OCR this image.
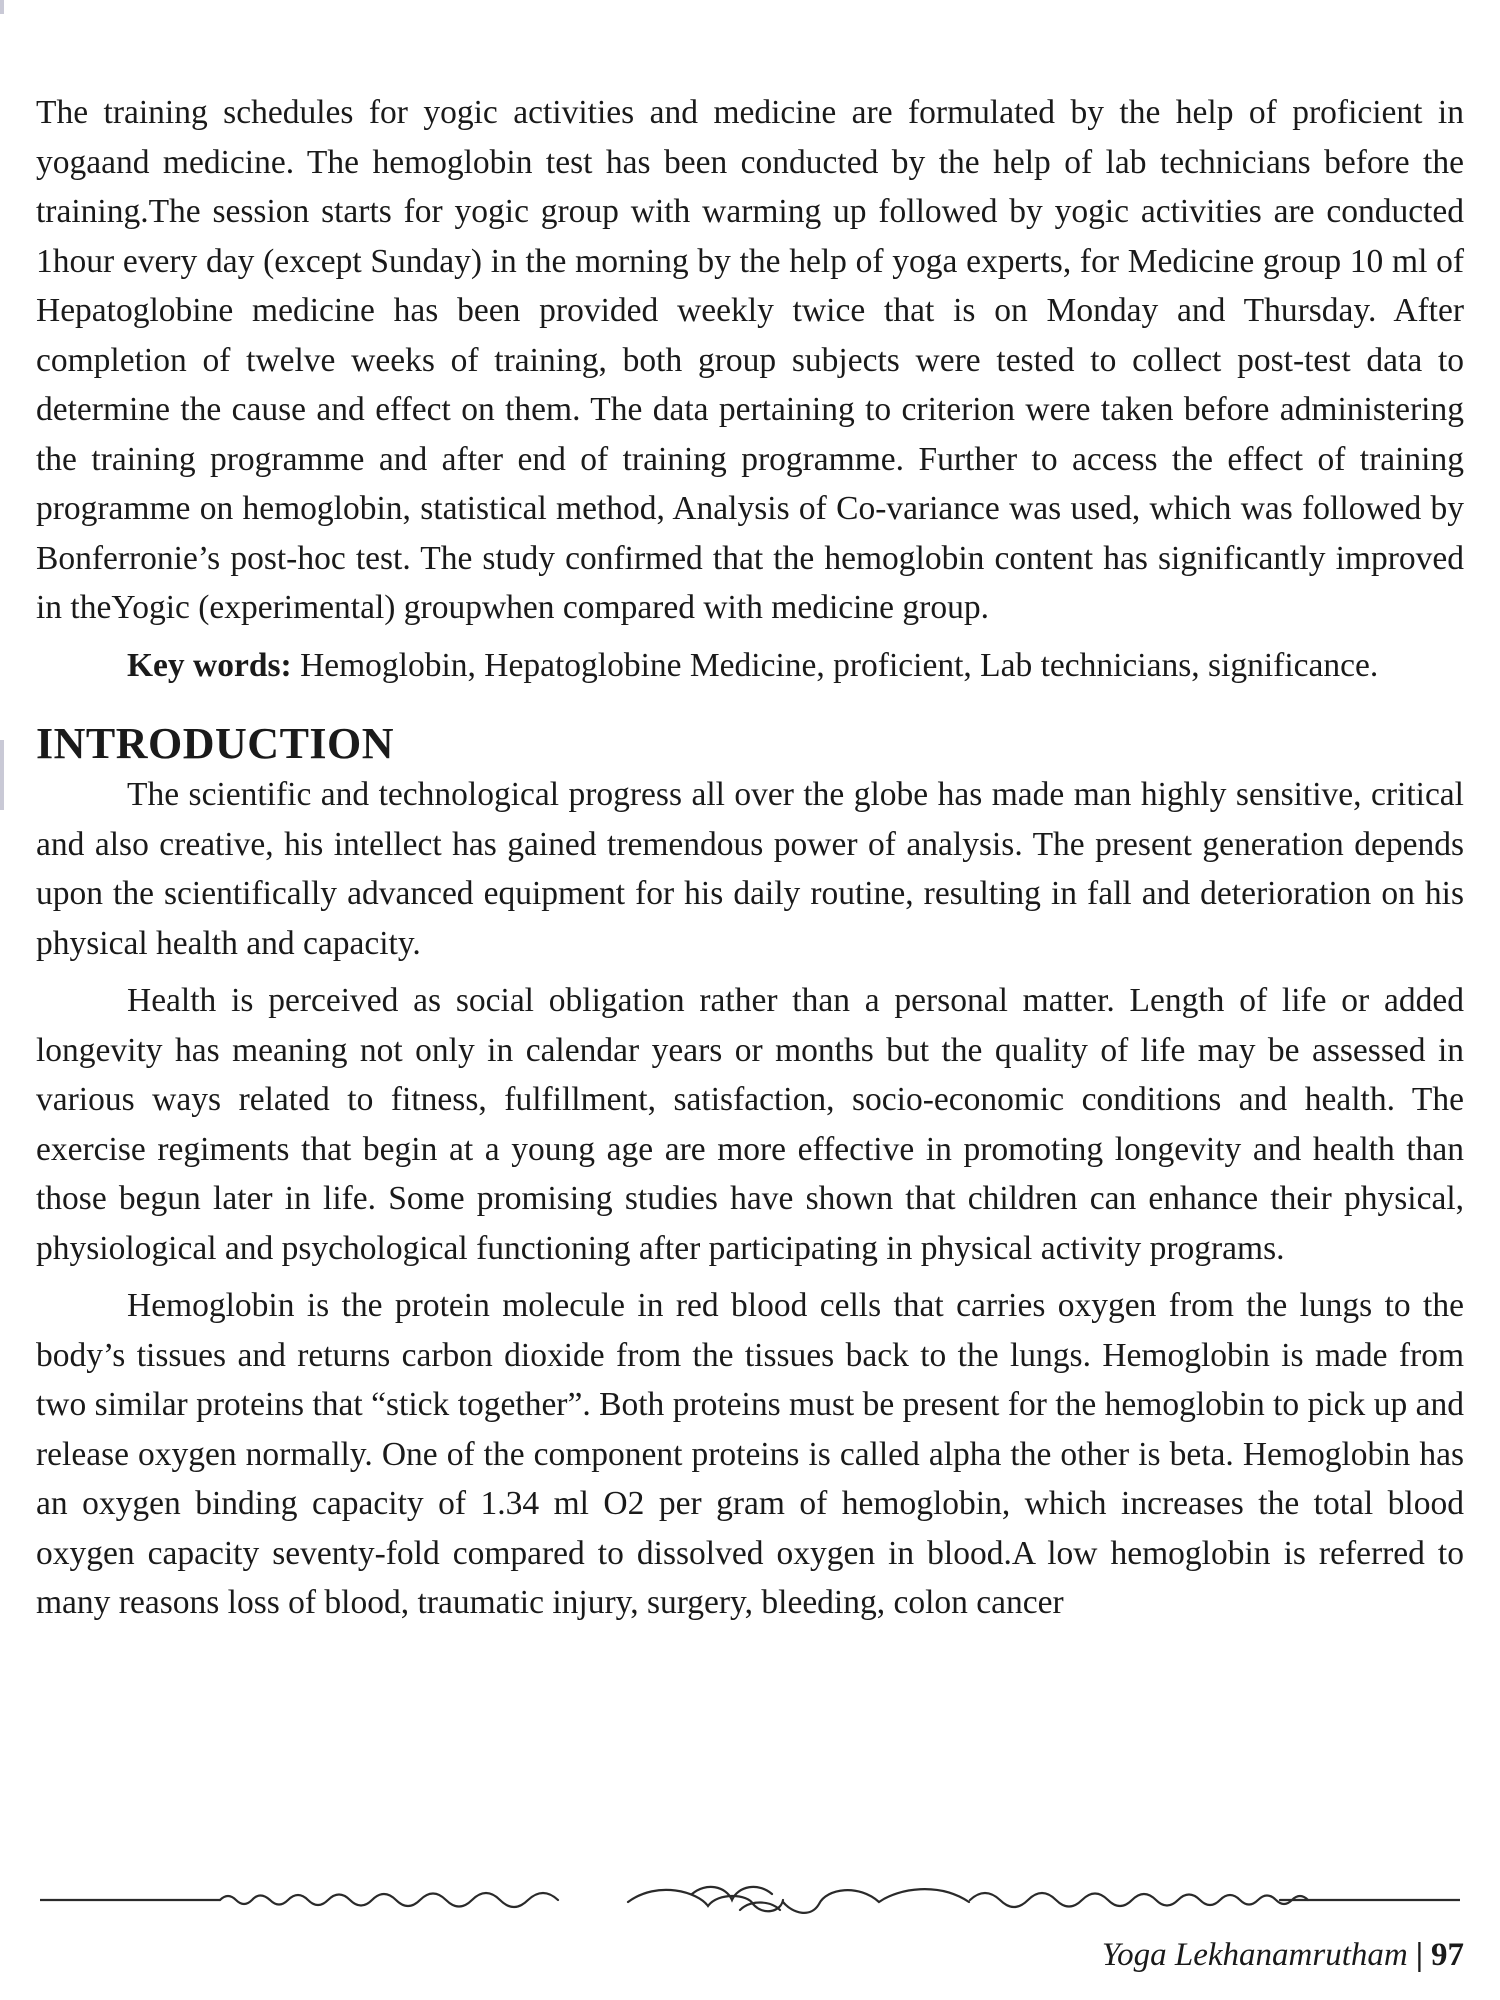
The training schedules for yogic activities and medicine are formulated by the help of proficient in yogaand medicine. The hemoglobin test has been conducted by the help of lab technicians before the training.The session starts for yogic group with warming up followed by yogic activities are conducted 1hour every day (except Sunday) in the morning by the help of yoga experts, for Medicine group 10 ml of Hepatoglobine medicine has been provided weekly twice that is on Monday and Thursday. After completion of twelve weeks of training, both group subjects were tested to collect post-test data to determine the cause and effect on them. The data pertaining to criterion were taken before administering the training programme and after end of training programme. Further to access the effect of training programme on hemoglobin, statistical method, Analysis of Co-variance was used, which was followed by Bonferronie’s post-hoc test. The study confirmed that the hemoglobin content has significantly improved in theYogic (experimental) groupwhen compared with medicine group.

Key words: Hemoglobin, Hepatoglobine Medicine, proficient, Lab technicians, significance.

INTRODUCTION

The scientific and technological progress all over the globe has made man highly sensitive, critical and also creative, his intellect has gained tremendous power of analysis. The present generation depends upon the scientifically advanced equipment for his daily routine, resulting in fall and deterioration on his physical health and capacity.

Health is perceived as social obligation rather than a personal matter. Length of life or added longevity has meaning not only in calendar years or months but the quality of life may be assessed in various ways related to fitness, fulfillment, satisfaction, socio-economic conditions and health. The exercise regiments that begin at a young age are more effective in promoting longevity and health than those begun later in life. Some promising studies have shown that children can enhance their physical, physiological and psychological functioning after participating in physical activity programs.

Hemoglobin is the protein molecule in red blood cells that carries oxygen from the lungs to the body’s tissues and returns carbon dioxide from the tissues back to the lungs. Hemoglobin is made from two similar proteins that “stick together”. Both proteins must be present for the hemoglobin to pick up and release oxygen normally. One of the component proteins is called alpha the other is beta. Hemoglobin has an oxygen binding capacity of 1.34 ml O2 per gram of hemoglobin, which increases the total blood oxygen capacity seventy-fold compared to dissolved oxygen in blood.A low hemoglobin is referred to many reasons loss of blood, traumatic injury, surgery, bleeding, colon cancer

Yoga Lekhanamrutham | 97
